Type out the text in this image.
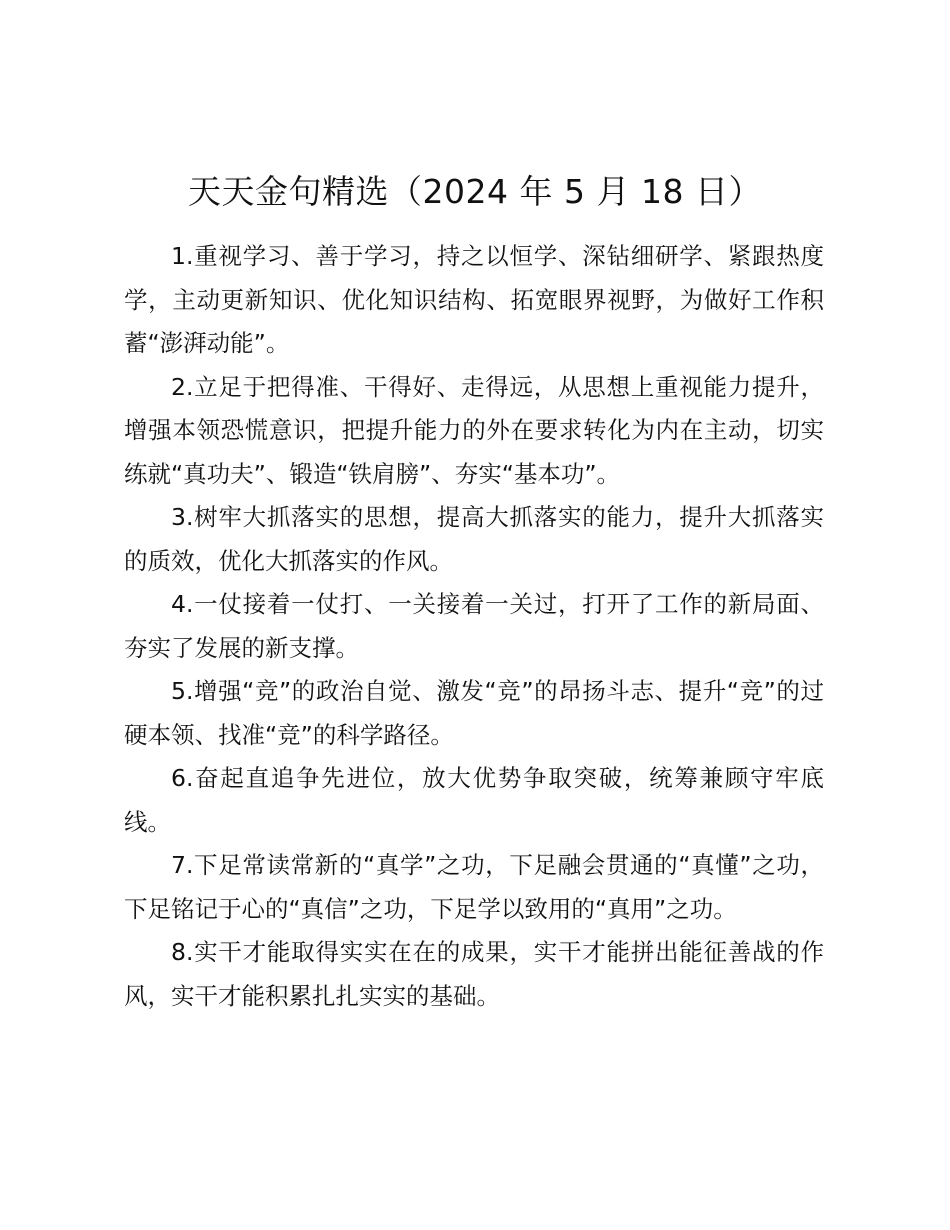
天天金句精选（2024 年 5 月 18 日）

1.重视学习、善于学习，持之以恒学、深钻细研学、紧跟热度学，主动更新知识、优化知识结构、拓宽眼界视野，为做好工作积蓄“澎湃动能”。

2.立足于把得准、干得好、走得远，从思想上重视能力提升，增强本领恐慌意识，把提升能力的外在要求转化为内在主动，切实练就“真功夫”、锻造“铁肩膀”、夯实“基本功”。

3.树牢大抓落实的思想，提高大抓落实的能力，提升大抓落实的质效，优化大抓落实的作风。

4.一仗接着一仗打、一关接着一关过，打开了工作的新局面、夯实了发展的新支撑。

5.增强“竞”的政治自觉、激发“竞”的昂扬斗志、提升“竞”的过硬本领、找准“竞”的科学路径。

6.奋起直追争先进位，放大优势争取突破，统筹兼顾守牢底线。

7.下足常读常新的“真学”之功，下足融会贯通的“真懂”之功，下足铭记于心的“真信”之功，下足学以致用的“真用”之功。

8.实干才能取得实实在在的成果，实干才能拼出能征善战的作风，实干才能积累扎扎实实的基础。
